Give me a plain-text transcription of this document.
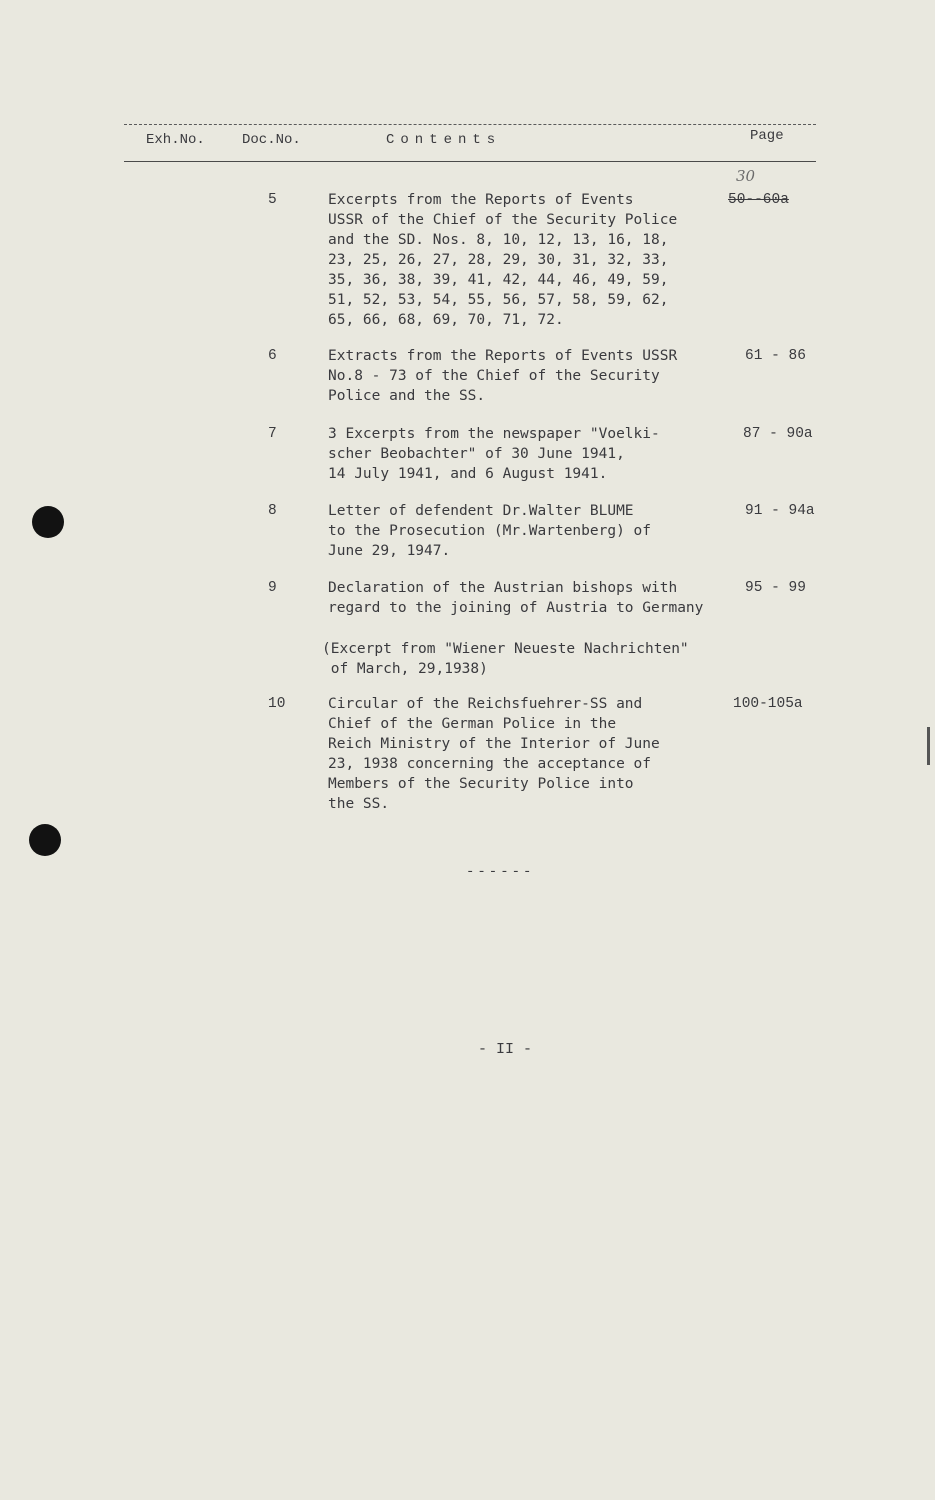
Exh.No.	Doc.No.	Contents	Page
30
5	Excerpts from the Reports of Events
USSR of the Chief of the Security Police
and the SD. Nos. 8, 10, 12, 13, 16, 18,
23, 25, 26, 27, 28, 29, 30, 31, 32, 33,
35, 36, 38, 39, 41, 42, 44, 46, 49, 59,
51, 52, 53, 54, 55, 56, 57, 58, 59, 62,
65, 66, 68, 69, 70, 71, 72.
50--60a
6	Extracts from the Reports of Events USSR
No.8 - 73 of the Chief of the Security
Police and the SS.
61 - 86
7	3 Excerpts from the newspaper "Voelki-
scher Beobachter" of 30 June 1941,
14 July 1941, and 6 August 1941.
87 - 90a
8	Letter of defendent Dr.Walter BLUME
to the Prosecution (Mr.Wartenberg) of
June 29, 1947.
91 - 94a
9	Declaration of the Austrian bishops with
regard to the joining of Austria to Germany
95 - 99
(Excerpt from "Wiener Neueste Nachrichten"
of March, 29,1938)
10	Circular of the Reichsfuehrer-SS and
Chief of the German Police in the
Reich Ministry of the Interior of June
23, 1938 concerning the acceptance of
Members of the Security Police into
the SS.
100-105a
------
- II -
